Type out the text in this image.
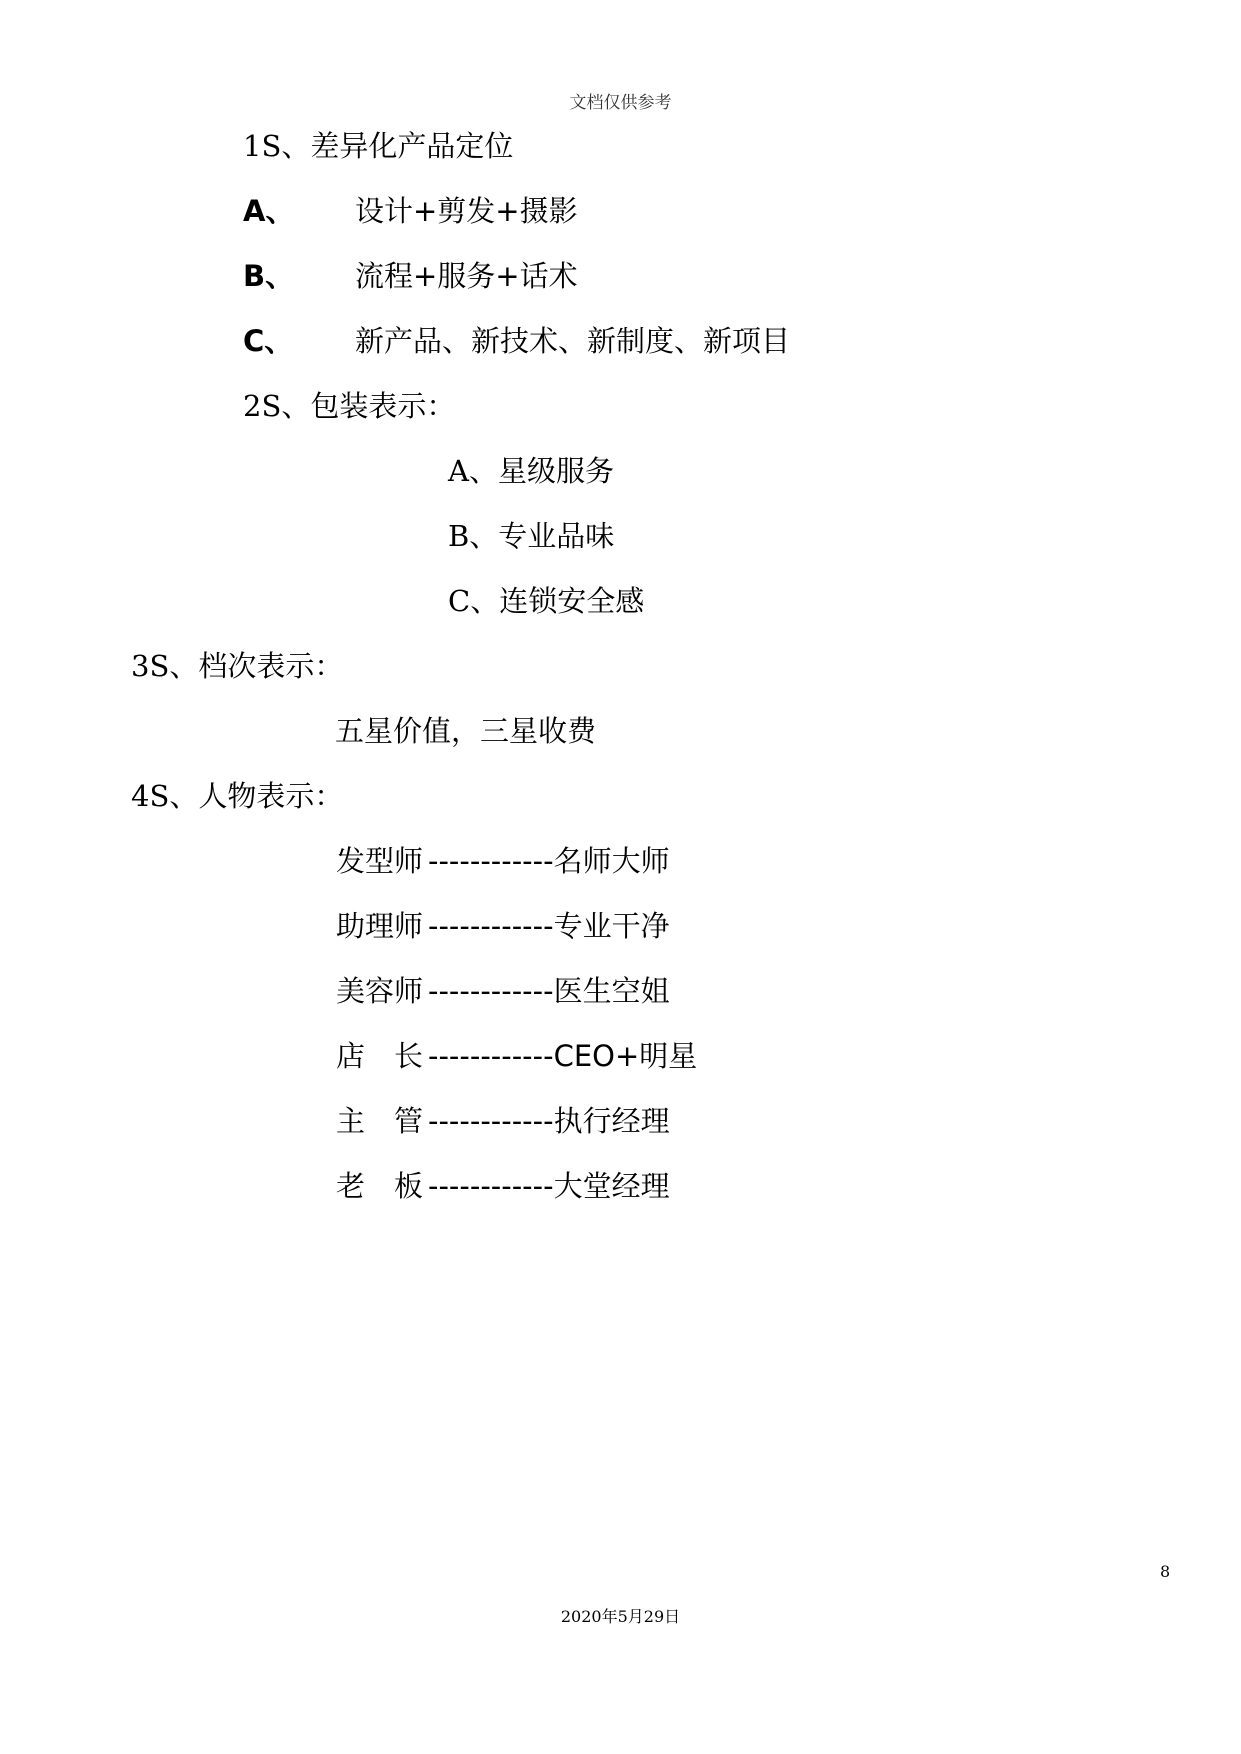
文档仅供参考
1S、差异化产品定位
A、 设计+剪发+摄影
B、 流程+服务+话术
C、 新产品、新技术、新制度、新项目
2S、包装表示：
A、星级服务
B、专业品味
C、连锁安全感
3S、档次表示：
五星价值，三星收费
4S、人物表示：
发型师 ------------名师大师
助理师 ------------专业干净
美容师 ------------医生空姐
店　长 ------------CEO+明星
主　管 ------------执行经理
老　板 ------------大堂经理
8
2020年5月29日
